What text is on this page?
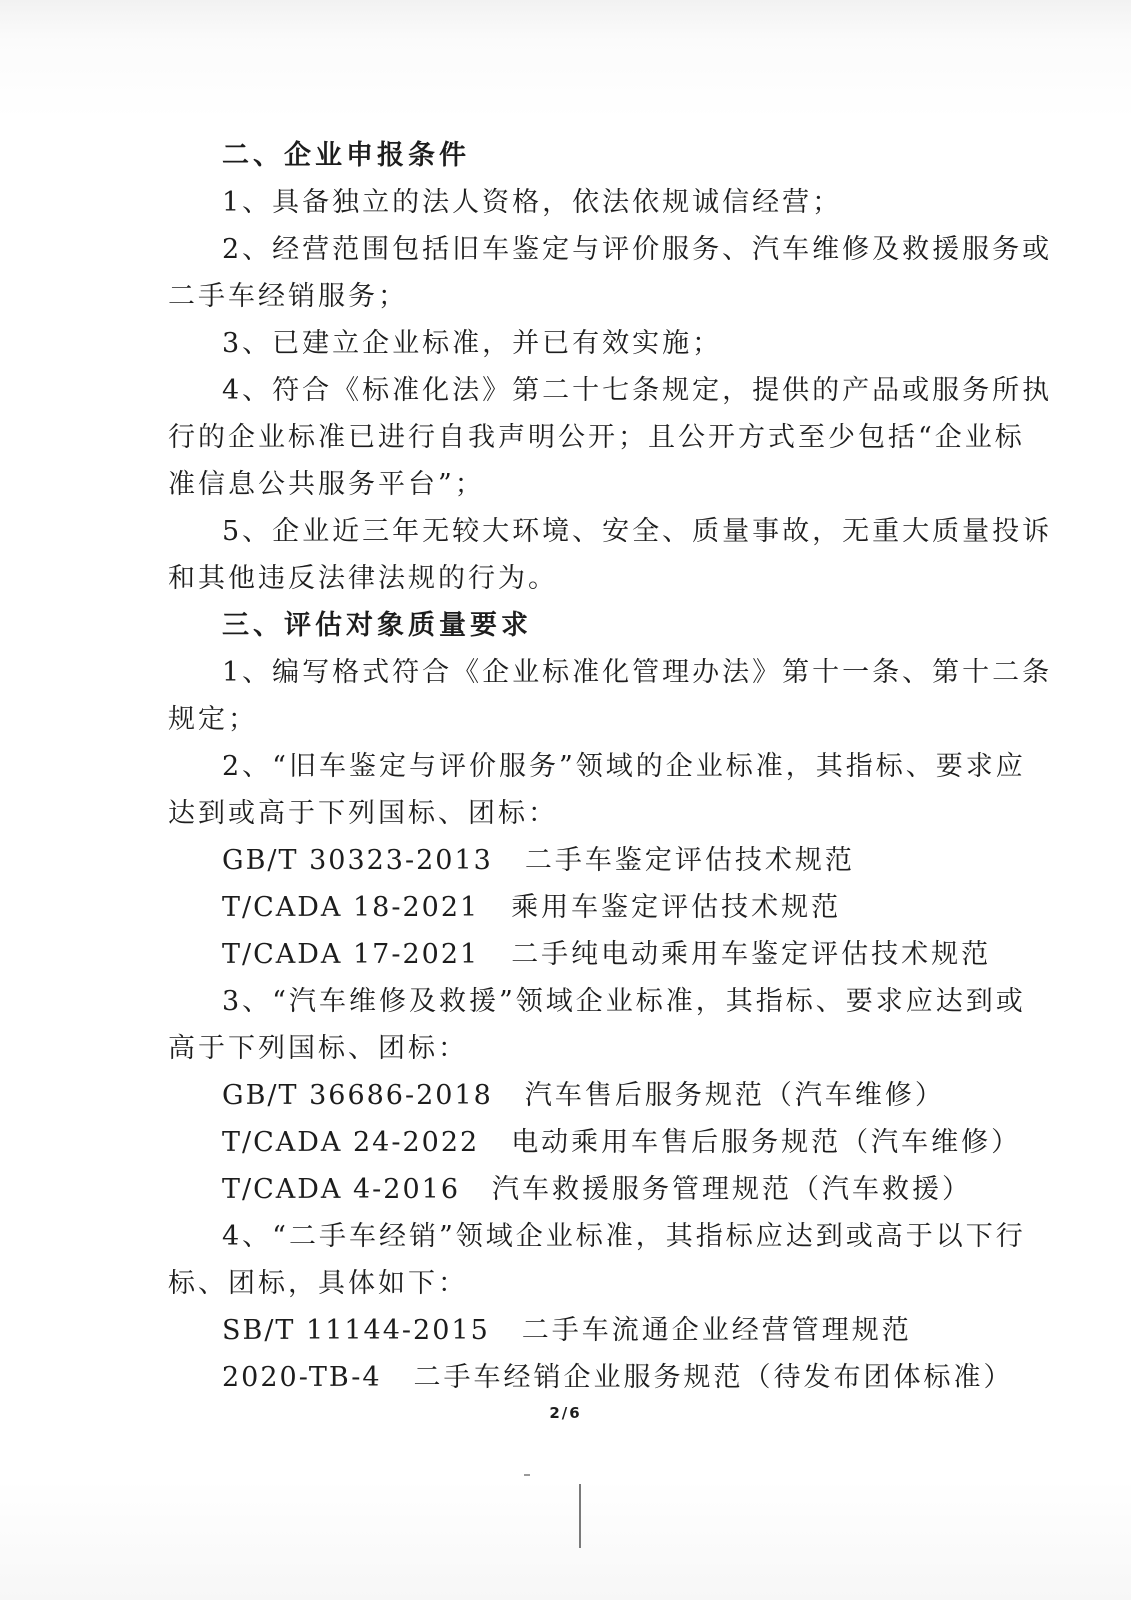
二、企业申报条件
1、具备独立的法人资格，依法依规诚信经营；
2、经营范围包括旧车鉴定与评价服务、汽车维修及救援服务或
二手车经销服务；
3、已建立企业标准，并已有效实施；
4、符合《标准化法》第二十七条规定，提供的产品或服务所执
行的企业标准已进行自我声明公开；且公开方式至少包括“企业标
准信息公共服务平台”；
5、企业近三年无较大环境、安全、质量事故，无重大质量投诉
和其他违反法律法规的行为。
三、评估对象质量要求
1、编写格式符合《企业标准化管理办法》第十一条、第十二条
规定；
2、“旧车鉴定与评价服务”领域的企业标准，其指标、要求应
达到或高于下列国标、团标：
GB/T 30323-2013 二手车鉴定评估技术规范
T/CADA 18-2021 乘用车鉴定评估技术规范
T/CADA 17-2021 二手纯电动乘用车鉴定评估技术规范
3、“汽车维修及救援”领域企业标准，其指标、要求应达到或
高于下列国标、团标：
GB/T 36686-2018 汽车售后服务规范（汽车维修）
T/CADA 24-2022 电动乘用车售后服务规范（汽车维修）
T/CADA 4-2016 汽车救援服务管理规范（汽车救援）
4、“二手车经销”领域企业标准，其指标应达到或高于以下行
标、团标，具体如下：
SB/T 11144-2015 二手车流通企业经营管理规范
2020-TB-4 二手车经销企业服务规范（待发布团体标准）
2/6
